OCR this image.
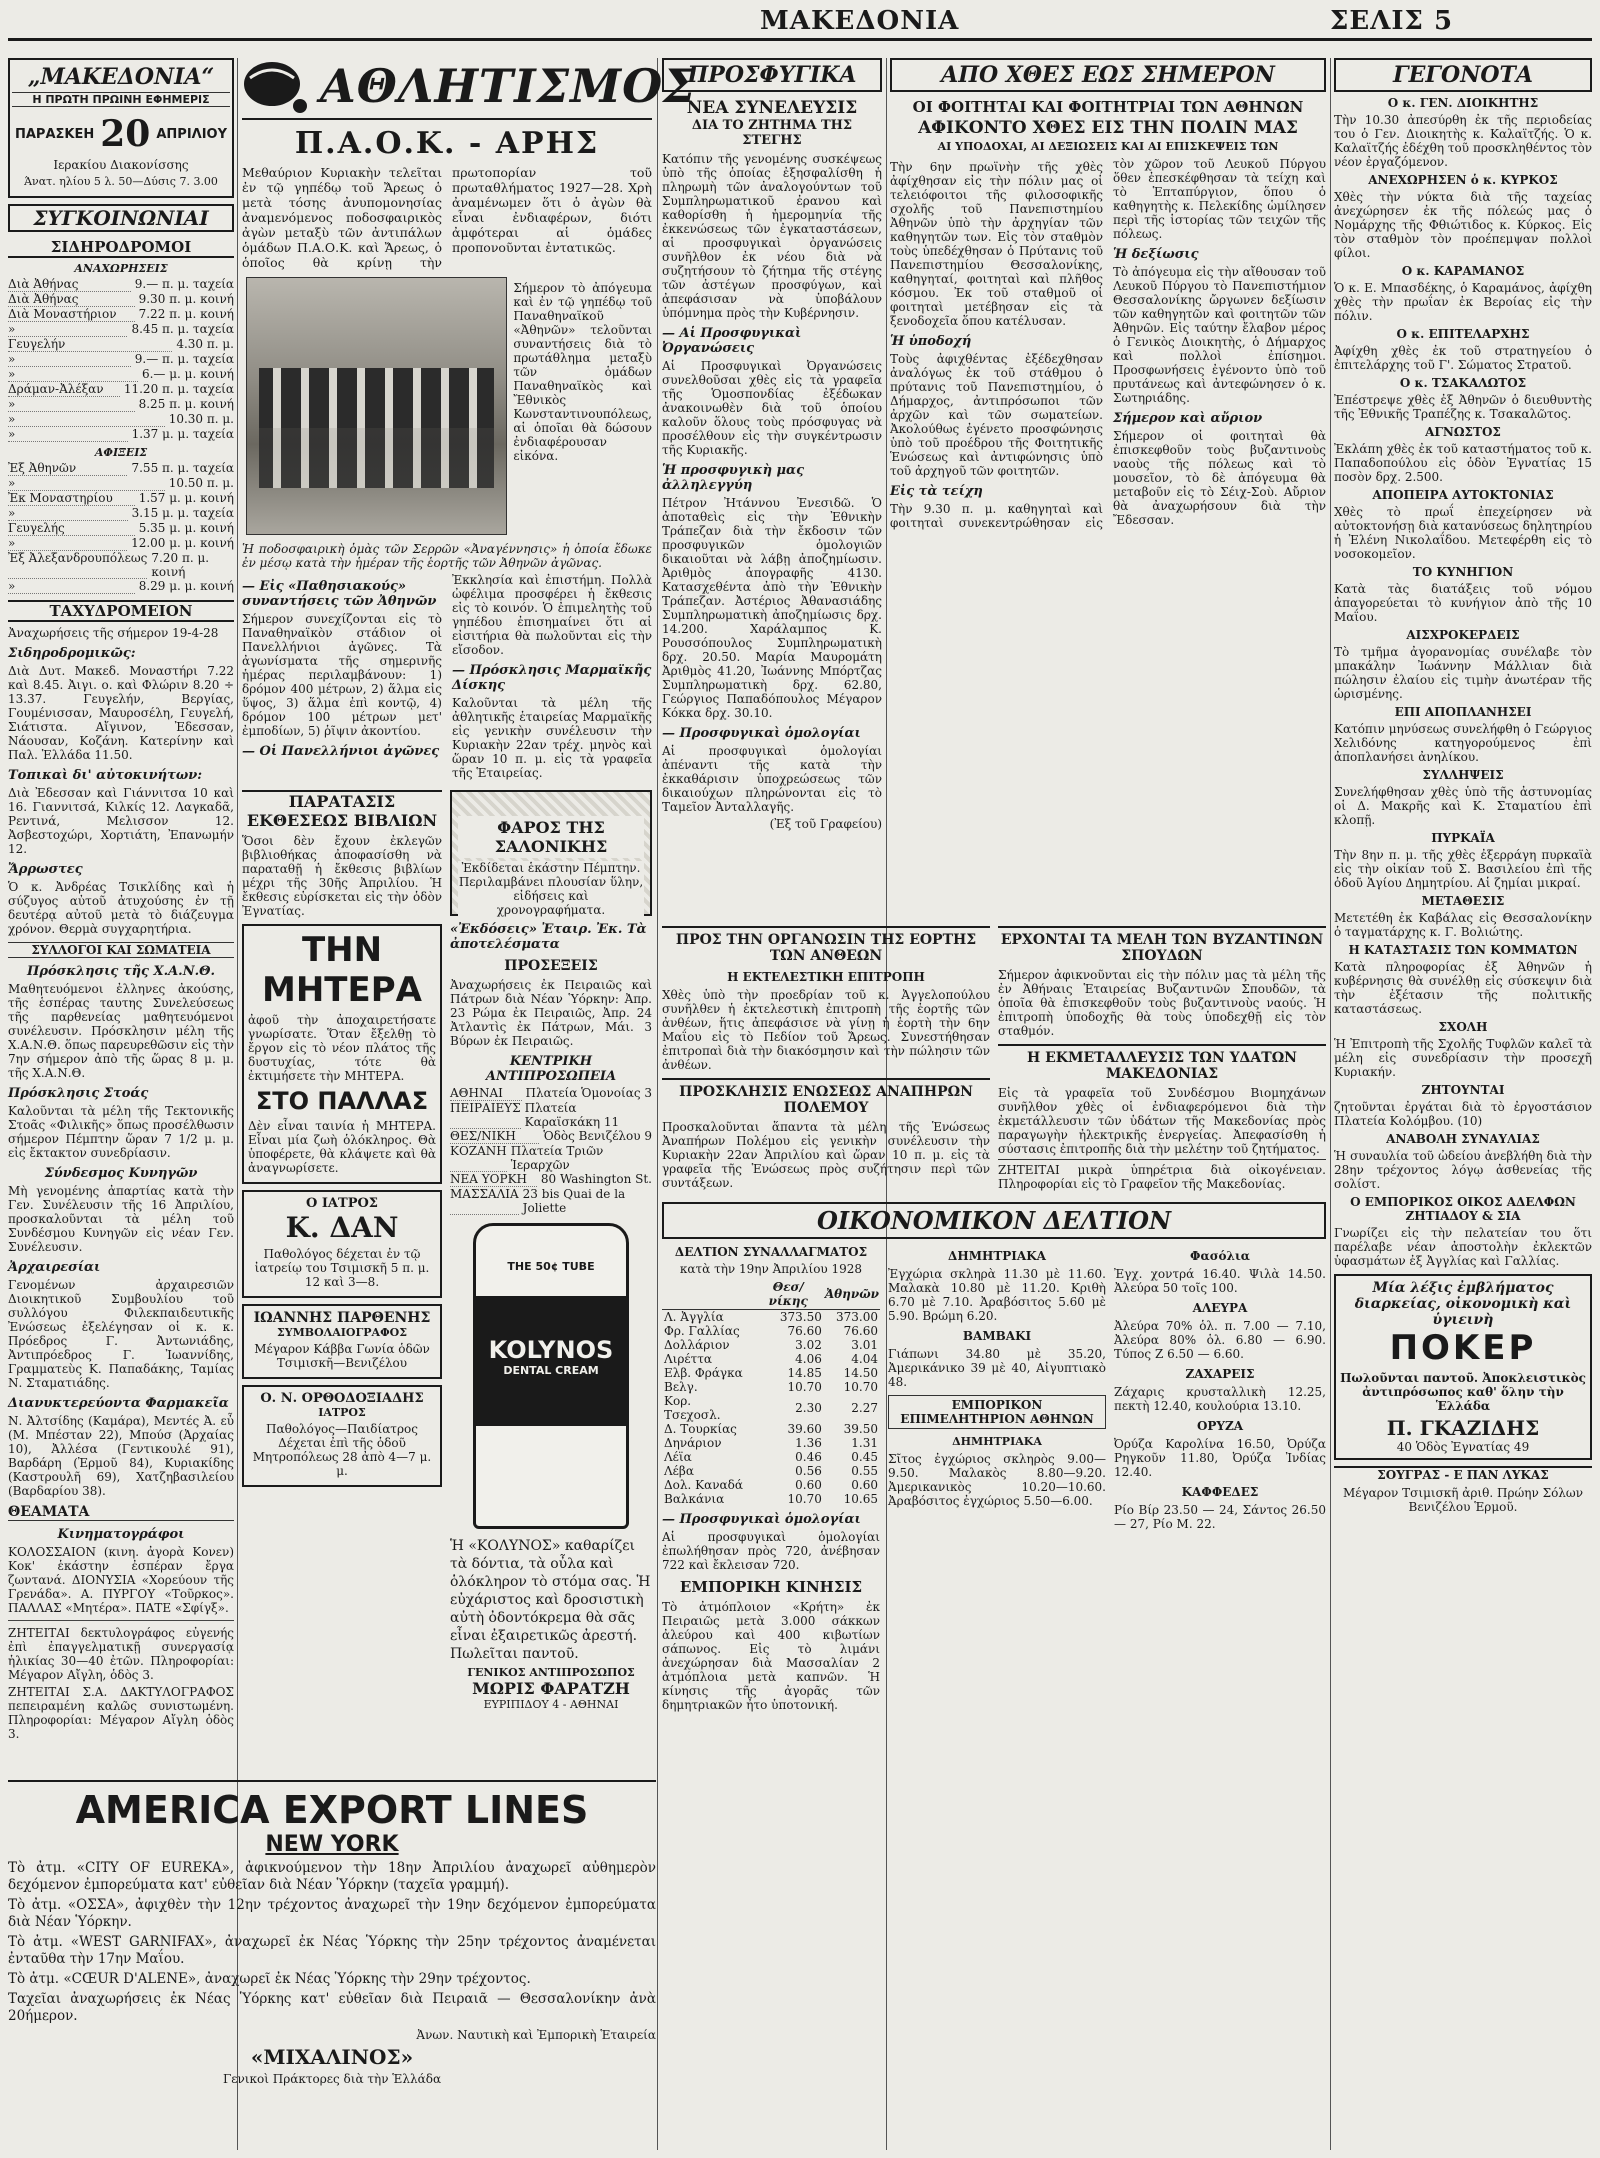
ΜΑΚΕΔΟΝΙΑ	ΣΕΛΙΣ 5
„ΜΑΚΕΔΟΝΙΑ“
Η ΠΡΩΤΗ ΠΡΩΙΝΗ ΕΦΗΜΕΡΙΣ
ΠΑΡΑΣΚΕΗ 20 ΑΠΡΙΛΙΟΥ
Ιερακίου Διακονίσσης
Άνατ. ηλίου 5 λ. 50—Δύσις 7. 3.00
ΣΥΓΚΟΙΝΩΝΙΑΙ
ΣΙΔΗΡΟΔΡΟΜΟΙ
ΑΝΑΧΩΡΗΣΕΙΣ
Διὰ Ἀθήνας	9.— π. μ. ταχεία
Διὰ Ἀθήνας	9.30 π. μ. κοινή
Διὰ Μοναστήριον	7.22 π. μ. κοινή
»	8.45 π. μ. ταχεία
Γευγελήν	4.30 π. μ.
»	9.— π. μ. ταχεία
»	6.— μ. μ. κοινή
Δράμαν-Ἀλέξαν	11.20 π. μ. ταχεία
»	8.25 π. μ. κοινή
»	10.30 π. μ.
»	1.37 μ. μ. ταχεία
ΑΦΙΞΕΙΣ
Ἐξ Ἀθηνῶν	7.55 π. μ. ταχεία
»	10.50 π. μ.
Ἐκ Μοναστηρίου	1.57 μ. μ. κοινή
»	3.15 μ. μ. ταχεία
Γευγελής	5.35 μ. μ. κοινή
»	12.00 μ. μ. κοινή
Ἐξ Ἀλεξανδρουπόλεως 7.20 π. μ. κοινή
»	8.29 μ. μ. κοινή
ΤΑΧΥΔΡΟΜΕΙΟΝ
Ἀναχωρήσεις τῆς σήμερον 19-4-28
Σιδηροδρομικῶς:
Διὰ Δυτ. Μακεδ. Μοναστήρι 7.22 καὶ 8.45. Ἀιγι. ο. καὶ Φλώριν 8.20 ÷ 13.37. Γευγελήν, Βεργίας, Γουμένισσαν, Μαυροσέλη, Γευγελή, Σιάτιστα. Αἴγινον, Ἐδεσσαν, Νάουσαν, Κοζάνη. Κατερίνην καὶ Παλ. Ἑλλάδα 11.50.
Τοπικαὶ δι' αὐτοκινήτων:
Διὰ Ἐδεσσαν καὶ Γιάννιτσα 10 καὶ 16. Γιαννιτσά, Κιλκίς 12. Λαγκαδᾶ, Ρεντινά, Μελισσον 12. Ἀσβεστοχώρι, Χορτιάτη, Ἐπανωμήν 12.
Ἄρρωστες
Ὁ κ. Ἀνδρέας Τσικλίδης καὶ ἡ σύζυγος αὐτοῦ ἀτυχούσης ἐν τῇ δευτέρᾳ αὐτοῦ μετὰ τὸ διάζευγμα χρόνον. Θερμὰ συγχαρητήρια.
ΣΥΛΛΟΓΟΙ ΚΑΙ ΣΩΜΑΤΕΙΑ
Πρόσκλησις τῆς Χ.Α.Ν.Θ.
Μαθητευόμενοι ἐλληνες ἀκούσης, τῆς ἑσπέρας ταυτης Συνελεύσεως τῆς παρθενείας μαθητευόμενοι συνέλευσιν. Πρόσκλησιν μέλη τῆς Χ.Α.Ν.Θ. ὅπως παρευρεθῶσιν εἰς τὴν 7ην σήμερον ἀπὸ τῆς ὥρας 8 μ. μ. τῆς Χ.Α.Ν.Θ.
Πρόσκλησις Στοάς
Καλοῦνται τὰ μέλη τῆς Τεκτονικῆς Στοᾶς «Φιλικῆς» ὅπως προσέλθωσιν σήμερον Πέμπτην ὥραν 7 1/2 μ. μ. εἰς ἔκτακτον συνεδρίασιν.
Σύνδεσμος Κυνηγῶν
Μὴ γενομένης ἀπαρτίας κατὰ τὴν Γεν. Συνέλευσιν τῆς 16 Ἀπριλίου, προσκαλοῦνται τὰ μέλη τοῦ Συνδέσμου Κυνηγῶν εἰς νέαν Γεν. Συνέλευσιν.
Ἀρχαιρεσίαι
Γενομένων ἀρχαιρεσιῶν Διοικητικοῦ Συμβουλίου τοῦ συλλόγου Φιλεκπαιδευτικῆς Ἐνώσεως ἐξελέγησαν οἱ κ. κ. Πρόεδρος Γ. Ἀντωνιάδης, Ἀντιπρόεδρος Γ. Ἰωαννίδης, Γραμματεὺς Κ. Παπαδάκης, Ταμίας Ν. Σταματιάδης.
Διανυκτερεύοντα Φαρμακεῖα
Ν. Ἀλτσίδης (Καμάρα), Μεντές Ἀ. εὖ (Μ. Μπέσταν 22), Μπούσ (Ἀρχαίας 10), Ἀλλέσα (Γεντικουλέ 91), Βαρδάρη (Ἐρμοῦ 84), Κυριακίδης (Καστρουλῆ 69), Χατζηβασιλείου (Βαρδαρίου 38).
ΘΕΑΜΑΤΑ
Κινηματογράφοι
ΚΟΛΟΣΣΑΙΟΝ (κινη. ἀγορὰ Κονεν) Κοκ' ἑκάστην ἐσπέραν ἔργα ζωντανά. ΔΙΟΝΥΣΙΑ «Χορεύουν τῆς Γρενάδα». Α. ΠΥΡΓΟΥ «Τοῦρκος». ΠΑΛΛΑΣ «Μητέρα». ΠΑΤΕ «Σφίγξ».
ΖΗΤΕΙΤΑΙ δεκτυλογράφος εὐγενής ἐπὶ ἐπαγγελματικῇ συνεργασίᾳ ἡλικίας 30—40 ἐτῶν. Πληροφορίαι: Μέγαρον Αἴγλη, ὁδὸς 3.
ΖΗΤΕΙΤΑΙ Σ.Α. ΔΑΚΤΥΛΟΓΡΑΦΟΣ πεπειραμένη καλῶς συνιστωμένη. Πληροφορίαι: Μέγαρον Αἴγλη ὁδὸς 3.
ΑΘΛΗΤΙΣΜΟΣ
Π.Α.Ο.Κ. - ΑΡΗΣ
Μεθαύριον Κυριακὴν τελεῖται ἐν τῷ γηπέδῳ τοῦ Ἄρεως ὁ μετὰ τόσης ἀνυπομονησίας ἀναμενόμενος ποδοσφαιρικὸς ἀγὼν μεταξὺ τῶν ἀντιπάλων ὁμάδων Π.Α.Ο.Κ. καὶ Ἄρεως, ὁ ὁποῖος θὰ κρίνῃ τὴν πρωτοπορίαν τοῦ πρωταθλήματος 1927—28. Χρὴ ἀναμένωμεν ὅτι ὁ ἀγὼν θὰ εἶναι ἐνδιαφέρων, διότι ἀμφότεραι αἱ ὁμάδες προπονοῦνται ἐντατικῶς.
Σήμερον τὸ ἀπόγευμα καὶ ἐν τῷ γηπέδῳ τοῦ Παναθηναϊκοῦ «Ἀθηνῶν» τελοῦνται συναντήσεις διὰ τὸ πρωτάθλημα μεταξὺ τῶν ὁμάδων Παναθηναϊκὸς καὶ Ἔθνικὸς Κωνσταντινουπόλεως, αἱ ὁποῖαι θὰ δώσουν ἐνδιαφέρουσαν εἰκόνα.
Ἡ ποδοσφαιρικὴ ὁμὰς τῶν Σερρῶν «Ἀναγέννησις» ἡ ὁποία ἔδωκε ἐν μέσῳ κατὰ τὴν ἡμέραν τῆς ἑορτῆς τῶν Ἀθηνῶν ἀγῶνας.
— Εἰς «Παθησιακούς» συναντήσεις τῶν Ἀθηνῶν
Σήμερον συνεχίζονται εἰς τὸ Παναθηναϊκὸν στάδιον οἱ Πανελλήνιοι ἀγῶνες. Τὰ ἀγωνίσματα τῆς σημερινῆς ἡμέρας περιλαμβάνουν: 1) δρόμον 400 μέτρων, 2) ἅλμα εἰς ὕψος, 3) ἅλμα ἐπὶ κοντῷ, 4) δρόμον 100 μέτρων μετ' ἐμποδίων, 5) ῥῖψιν ἀκοντίου.
— Οἱ Πανελλήνιοι ἀγῶνες
Ἐκκλησία καὶ ἐπιστήμη. Πολλὰ ὠφέλιμα προσφέρει ἡ ἔκθεσις εἰς τὸ κοινόν. Ὁ ἐπιμελητὴς τοῦ γηπέδου ἐπισημαίνει ὅτι αἱ εἰσιτήρια θὰ πωλοῦνται εἰς τὴν εἴσοδον.
— Πρόσκλησις Μαρμαϊκῆς Δίσκης
Καλοῦνται τὰ μέλη τῆς ἀθλητικῆς ἑταιρείας Μαρμαϊκῆς εἰς γενικὴν συνέλευσιν τὴν Κυριακὴν 22αν τρέχ. μηνὸς καὶ ὥραν 10 π. μ. εἰς τὰ γραφεῖα τῆς Ἑταιρείας.
ΠΑΡΑΤΑΣΙΣ ΕΚΘΕΣΕΩΣ ΒΙΒΛΙΩΝ
Ὅσοι δὲν ἔχουν ἐκλεγῶν βιβλιοθήκας ἀποφασίσθη νὰ παραταθῇ ἡ ἔκθεσις βιβλίων μέχρι τῆς 30ῆς Ἀπριλίου. Ἡ ἔκθεσις εὑρίσκεται εἰς τὴν ὁδὸν Ἐγνατίας.
ΤΗΝ ΜΗΤΕΡΑ
ἀφοῦ τὴν ἀποχαιρετήσατε γνωρίσατε. Ὅταν ἔξελθῃ τὸ ἔργον εἰς τὸ νέον πλάτος τῆς δυστυχίας, τότε θὰ ἐκτιμήσετε τὴν ΜΗΤΕΡΑ.
ΣΤΟ ΠΑΛΛΑΣ
Δὲν εἶναι ταινία ἡ ΜΗΤΕΡΑ. Εἶναι μία ζωὴ ὁλόκληρος. Θὰ ὑποφέρετε, θὰ κλάψετε καὶ θὰ ἀναγνωρίσετε.
Ο ΙΑΤΡΟΣ
Κ. ΔΑΝ
Παθολόγος δέχεται ἐν τῷ ἰατρείῳ του Τσιμισκῆ 5 π. μ. 12 καὶ 3—8.
ΙΩΑΝΝΗΣ ΠΑΡΘΕΝΗΣ
ΣΥΜΒΟΛΑΙΟΓΡΑΦΟΣ
Μέγαρον Κάββα Γωνία ὁδῶν Τσιμισκῆ—Βενιζέλου
Ο. Ν. ΟΡΘΟΔΟΞΙΑΔΗΣ
ΙΑΤΡΟΣ
Παθολόγος—Παιδίατρος Δέχεται ἐπὶ τῆς ὁδοῦ Μητροπόλεως 28 ἀπὸ 4—7 μ. μ.
ΦΑΡΟΣ ΤΗΣ ΣΑΛΟΝΙΚΗΣ
Ἐκδίδεται ἑκάστην Πέμπτην. Περιλαμβάνει πλουσίαν ὕλην, εἰδήσεις καὶ χρονογραφήματα.
«Ἐκδόσεις» Ἐταιρ. Ἐκ. Τὰ ἀποτελέσματα
ΠΡΟΣΕΞΕΙΣ
Ἀναχωρήσεις ἐκ Πειραιῶς καὶ Πάτρων διὰ Νέαν Ὑόρκην: Ἀπρ. 23 Ρώμα ἐκ Πειραιῶς, Ἀπρ. 24 Ἀτλαντὶς ἐκ Πάτρων, Μάι. 3 Βύρων ἐκ Πειραιῶς.
ΚΕΝΤΡΙΚΗ ΑΝΤΙΠΡΟΣΩΠΕΙΑ
ΑΘΗΝΑΙ	Πλατεία Ὁμονοίας 3
ΠΕΙΡΑΙΕΥΣ Πλατεία Καραϊσκάκη 11
ΘΕΣ/ΝΙΚΗ	Ὁδὸς Βενιζέλου 9
ΚΟΖΑΝΗ Πλατεία Τριῶν Ἱεραρχῶν
ΝΕΑ ΥΟΡΚΗ	80 Washington St.
ΜΑΣΣΑΛΙΑ 23 bis Quai de la Joliette
THE 50¢ TUBE
KOLYNOS
DENTAL CREAM
Ἡ «ΚΟΛΥΝΟΣ» καθαρίζει τὰ δόντια, τὰ οὖλα καὶ ὁλόκληρον τὸ στόμα σας. Ἡ εὐχάριστος καὶ δροσιστικὴ αὐτὴ ὀδοντόκρεμα θὰ σᾶς εἶναι ἐξαιρετικῶς ἀρεστή. Πωλεῖται παντοῦ.
ΓΕΝΙΚΟΣ ΑΝΤΙΠΡΟΣΩΠΟΣ
ΜΩΡΙΣ ΦΑΡΑΤΖΗ
ΕΥΡΙΠΙΔΟΥ 4 - ΑΘΗΝΑΙ
ΠΡΟΣΦΥΓΙΚΑ
ΝΕΑ ΣΥΝΕΛΕΥΣΙΣ
ΔΙΑ ΤΟ ΖΗΤΗΜΑ ΤΗΣ ΣΤΕΓΗΣ
Κατόπιν τῆς γενομένης συσκέψεως ὑπὸ τῆς ὁποίας ἐξησφαλίσθη ἡ πληρωμὴ τῶν ἀναλογούντων τοῦ Συμπληρωματικοῦ ἐρανου καὶ καθορίσθη ἡ ἡμερομηνία τῆς ἐκκενώσεως τῶν ἐγκαταστάσεων, αἱ προσφυγικαὶ ὀργανώσεις συνῆλθον ἐκ νέου διὰ νὰ συζητήσουν τὸ ζήτημα τῆς στέγης τῶν ἀστέγων προσφύγων, καὶ ἀπεφάσισαν νὰ ὑποβάλουν ὑπόμνημα πρὸς τὴν Κυβέρνησιν.
— Αἱ Προσφυγικαὶ Ὀργανώσεις
Αἱ Προσφυγικαὶ Ὀργανώσεις συνελθοῦσαι χθὲς εἰς τὰ γραφεῖα τῆς Ὁμοσπονδίας ἐξέδωκαν ἀνακοινωθὲν διὰ τοῦ ὁποίου καλοῦν ὅλους τοὺς πρόσφυγας νὰ προσέλθουν εἰς τὴν συγκέντρωσιν τῆς Κυριακῆς.
Ἡ προσφυγικὴ μας ἀλληλεγγύη
Πέτρον Ἠτάννου Ἐνεσιδῶ. Ὁ ἀποταθεὶς εἰς τὴν Ἐθνικὴν Τράπεζαν διὰ τὴν ἔκδοσιν τῶν προσφυγικῶν ὁμολογιῶν δικαιοῦται νὰ λάβῃ ἀποζημίωσιν. Ἀριθμὸς ἀπογραφῆς 4130. Κατασχεθέντα ἀπὸ τὴν Ἐθνικὴν Τράπεζαν. Ἀστέριος Ἀθανασιάδης Συμπληρωματικὴ ἀποζημίωσις δρχ. 14.200. Χαράλαμπος Κ. Ρουσσόπουλος Συμπληρωματικὴ δρχ. 20.50. Μαρία Μαυρομάτη Ἀριθμὸς 41.20, Ἰωάννης Μπόρτζας Συμπληρωματικὴ δρχ. 62.80, Γεώργιος Παπαδόπουλος Μέγαρον Κόκκα δρχ. 30.10.
— Προσφυγικαὶ ὁμολογίαι
Αἱ προσφυγικαὶ ὁμολογίαι ἀπέναντι τῆς κατὰ τὴν ἐκκαθάρισιν ὑποχρεώσεως τῶν δικαιούχων πληρώνονται εἰς τὸ Ταμεῖον Ἀνταλλαγῆς.
(Ἐξ τοῦ Γραφείου)
ΑΠΟ ΧΘΕΣ ΕΩΣ ΣΗΜΕΡΟΝ
ΟΙ ΦΟΙΤΗΤΑΙ ΚΑΙ ΦΟΙΤΗΤΡΙΑΙ ΤΩΝ ΑΘΗΝΩΝ
ΑΦΙΚΟΝΤΟ ΧΘΕΣ ΕΙΣ ΤΗΝ ΠΟΛΙΝ ΜΑΣ
ΑΙ ΥΠΟΔΟΧΑΙ, ΑΙ ΔΕΞΙΩΣΕΙΣ ΚΑΙ ΑΙ ΕΠΙΣΚΕΨΕΙΣ ΤΩΝ
Τὴν 6ην πρωϊνὴν τῆς χθὲς ἀφίχθησαν εἰς τὴν πόλιν μας οἱ τελειόφοιτοι τῆς φιλοσοφικῆς σχολῆς τοῦ Πανεπιστημίου Ἀθηνῶν ὑπὸ τὴν ἀρχηγίαν τῶν καθηγητῶν των. Εἰς τὸν σταθμὸν τοὺς ὑπεδέχθησαν ὁ Πρύτανις τοῦ Πανεπιστημίου Θεσσαλονίκης, καθηγηταί, φοιτηταὶ καὶ πλῆθος κόσμου. Ἐκ τοῦ σταθμοῦ οἱ φοιτηταὶ μετέβησαν εἰς τὰ ξενοδοχεῖα ὅπου κατέλυσαν.
Ἡ ὑποδοχή
Τοὺς ἀφιχθέντας ἐξέδεχθησαν ἀναλόγως ἐκ τοῦ στάθμου ὁ πρύτανις τοῦ Πανεπιστημίου, ὁ Δήμαρχος, ἀντιπρόσωποι τῶν ἀρχῶν καὶ τῶν σωματείων. Ἀκολούθως ἐγένετο προσφώνησις ὑπὸ τοῦ προέδρου τῆς Φοιτητικῆς Ἑνώσεως καὶ ἀντιφώνησις ὑπὸ τοῦ ἀρχηγοῦ τῶν φοιτητῶν.
Εἰς τὰ τείχη
Τὴν 9.30 π. μ. καθηγηταὶ καὶ φοιτηταὶ συνεκεντρώθησαν εἰς τὸν χῶρον τοῦ Λευκοῦ Πύργου ὅθεν ἐπεσκέφθησαν τὰ τείχη καὶ τὸ Ἑπταπύργιον, ὅπου ὁ καθηγητὴς κ. Πελεκίδης ὡμίλησεν περὶ τῆς ἱστορίας τῶν τειχῶν τῆς πόλεως.
Ἡ δεξίωσις
Τὸ ἀπόγευμα εἰς τὴν αἴθουσαν τοῦ Λευκοῦ Πύργου τὸ Πανεπιστήμιον Θεσσαλονίκης ὤργωνεν δεξίωσιν τῶν καθηγητῶν καὶ φοιτητῶν τῶν Ἀθηνῶν. Εἰς ταύτην ἔλαβον μέρος ὁ Γενικὸς Διοικητὴς, ὁ Δήμαρχος καὶ πολλοὶ ἐπίσημοι. Προσφωνήσεις ἐγένοντο ὑπὸ τοῦ πρυτάνεως καὶ ἀντεφώνησεν ὁ κ. Σωτηριάδης.
Σήμερον καὶ αὔριον
Σήμερον οἱ φοιτηταὶ θὰ ἐπισκεφθοῦν τοὺς βυζαντινοὺς ναοὺς τῆς πόλεως καὶ τὸ μουσεῖον, τὸ δὲ ἀπόγευμα θὰ μεταβοῦν εἰς τὸ Σέιχ-Σοὺ. Αὔριον θὰ ἀναχωρήσουν διὰ τὴν Ἔδεσσαν.
ΠΡΟΣ ΤΗΝ ΟΡΓΑΝΩΣΙΝ ΤΗΣ ΕΟΡΤΗΣ ΤΩΝ ΑΝΘΕΩΝ
Η ΕΚΤΕΛΕΣΤΙΚΗ ΕΠΙΤΡΟΠΗ
Χθὲς ὑπὸ τὴν προεδρίαν τοῦ κ. Ἀγγελοπούλου συνῆλθεν ἡ ἐκτελεστικὴ ἐπιτροπὴ τῆς ἑορτῆς τῶν ἀνθέων, ἥτις ἀπεφάσισε νὰ γίνῃ ἡ ἑορτὴ τὴν 6ην Μαΐου εἰς τὸ Πεδίον τοῦ Ἄρεως. Συνεστήθησαν ἐπιτροπαὶ διὰ τὴν διακόσμησιν καὶ τὴν πώλησιν τῶν ἀνθέων.
ΠΡΟΣΚΛΗΣΙΣ ΕΝΩΣΕΩΣ ΑΝΑΠΗΡΩΝ ΠΟΛΕΜΟΥ
Προσκαλοῦνται ἅπαντα τὰ μέλη τῆς Ἑνώσεως Ἀναπήρων Πολέμου εἰς γενικὴν συνέλευσιν τὴν Κυριακὴν 22αν Ἀπριλίου καὶ ὥραν 10 π. μ. εἰς τὰ γραφεῖα τῆς Ἑνώσεως πρὸς συζήτησιν περὶ τῶν συντάξεων.
ΕΡΧΟΝΤΑΙ ΤΑ ΜΕΛΗ ΤΩΝ ΒΥΖΑΝΤΙΝΩΝ ΣΠΟΥΔΩΝ
Σήμερον ἀφικνοῦνται εἰς τὴν πόλιν μας τὰ μέλη τῆς ἐν Ἀθήναις Ἑταιρείας Βυζαντινῶν Σπουδῶν, τὰ ὁποῖα θὰ ἐπισκεφθοῦν τοὺς βυζαντινοὺς ναούς. Ἡ ἐπιτροπὴ ὑποδοχῆς θὰ τοὺς ὑποδεχθῇ εἰς τὸν σταθμόν.
Η ΕΚΜΕΤΑΛΛΕΥΣΙΣ ΤΩΝ ΥΔΑΤΩΝ ΜΑΚΕΔΟΝΙΑΣ
Εἰς τὰ γραφεῖα τοῦ Συνδέσμου Βιομηχάνων συνῆλθον χθὲς οἱ ἐνδιαφερόμενοι διὰ τὴν ἐκμετάλλευσιν τῶν ὑδάτων τῆς Μακεδονίας πρὸς παραγωγὴν ἠλεκτρικῆς ἐνεργείας. Ἀπεφασίσθη ἡ σύστασις ἐπιτροπῆς διὰ τὴν μελέτην τοῦ ζητήματος.
ΖΗΤΕΙΤΑΙ μικρὰ ὑπηρέτρια διὰ οἰκογένειαν. Πληροφορίαι εἰς τὸ Γραφεῖον τῆς Μακεδονίας.
ΟΙΚΟΝΟΜΙΚΟΝ ΔΕΛΤΙΟΝ
ΔΕΛΤΙΟΝ ΣΥΝΑΛΛΑΓΜΑΤΟΣ
κατὰ τὴν 19ην Ἀπριλίου 1928
	Θεσ/νίκης	Ἀθηνῶν
Λ. Ἀγγλία	373.50	373.00
Φρ. Γαλλίας	76.60	76.60
Δολλάριον	3.02	3.01
Λιρέττα	4.06	4.04
Ελβ. Φράγκα	14.85	14.50
Βελγ.	10.70	10.70
Κορ. Τσεχοσλ.	2.30	2.27
Δ. Τουρκίας	39.60	39.50
Δηνάριον	1.36	1.31
Λέϊα	0.46	0.45
Λέβα	0.56	0.55
Δολ. Καναδά	0.60	0.60
Βαλκάνια	10.70	10.65
— Προσφυγικαὶ ὁμολογίαι
Αἱ προσφυγικαὶ ὁμολογίαι ἐπωλήθησαν πρὸς 720, ἀνέβησαν 722 καὶ ἔκλεισαν 720.
ΕΜΠΟΡΙΚΗ ΚΙΝΗΣΙΣ
Τὸ ἀτμόπλοιον «Κρήτη» ἐκ Πειραιῶς μετὰ 3.000 σάκκων ἀλεύρου καὶ 400 κιβωτίων σάπωνος. Εἰς τὸ λιμάνι ἀνεχώρησαν διὰ Μασσαλίαν 2 ἀτμόπλοια μετὰ καπνῶν. Ἡ κίνησις τῆς ἀγορᾶς τῶν δημητριακῶν ἦτο ὑποτονική.
ΔΗΜΗΤΡΙΑΚΑ
Ἐγχώρια σκληρὰ 11.30 μὲ 11.60. Μαλακὰ 10.80 μὲ 11.20. Κριθὴ 6.70 μὲ 7.10. Ἀραβόσιτος 5.60 μὲ 5.90. Βρώμη 6.20.
ΒΑΜΒΑΚΙ
Γιάπωνι 34.80 μὲ 35.20, Ἀμερικάνικο 39 μὲ 40, Αἰγυπτιακὸ 48.
ΕΜΠΟΡΙΚΟΝ ΕΠΙΜΕΛΗΤΗΡΙΟΝ ΑΘΗΝΩΝ
ΔΗΜΗΤΡΙΑΚΑ
Σῖτος ἐγχώριος σκληρὸς 9.00—9.50. Μαλακὸς 8.80—9.20. Ἀμερικανικὸς 10.20—10.60. Ἀραβόσιτος ἐγχώριος 5.50—6.00.
Φασόλια
Ἐγχ. χοντρά 16.40. Ψιλὰ 14.50. Ἀλεύρα 50 τοῖς 100.
ΑΛΕΥΡΑ
Ἀλεύρα 70% ὁλ. π. 7.00 — 7.10, Ἀλεύρα 80% ὁλ. 6.80 — 6.90. Τύπος Ζ 6.50 — 6.60.
ΖΑΧΑΡΕΙΣ
Ζάχαρις κρυσταλλικὴ 12.25, πεκτὴ 12.40, κουλούρια 13.10.
ΟΡΥΖΑ
Ὀρύζα Καρολίνα 16.50, Ὀρύζα Ρηγκοῦν 11.80, Ὀρύζα Ἰνδίας 12.40.
ΚΑΦΦΕΔΕΣ
Ρίο Βίρ 23.50 — 24, Σάντος 26.50 — 27, Ρίο Μ. 22.
ΓΕΓΟΝΟΤΑ
Ο κ. ΓΕΝ. ΔΙΟΙΚΗΤΗΣ
Τὴν 10.30 ἀπεσύρθη ἐκ τῆς περιοδείας του ὁ Γεν. Διοικητὴς κ. Καλαϊτζής. Ὁ κ. Καλαϊτζής ἐδέχθη τοῦ προσκληθέντος τὸν νέον ἐργαζόμενον.
ΑΝΕΧΩΡΗΣΕΝ ὁ κ. ΚΥΡΚΟΣ
Χθὲς τὴν νύκτα διὰ τῆς ταχείας ἀνεχώρησεν ἐκ τῆς πόλεώς μας ὁ Νομάρχης τῆς Φθιώτιδος κ. Κύρκος. Εἰς τὸν σταθμὸν τὸν προέπεμψαν πολλοὶ φίλοι.
Ο κ. ΚΑΡΑΜΑΝΟΣ
Ὁ κ. Ε. Μπασδέκης, ὁ Καραμάνος, ἀφίχθη χθὲς τὴν πρωΐαν ἐκ Βεροίας εἰς τὴν πόλιν.
Ο κ. ΕΠΙΤΕΛΑΡΧΗΣ
Ἀφίχθη χθὲς ἐκ τοῦ στρατηγείου ὁ ἐπιτελάρχης τοῦ Γ'. Σώματος Στρατοῦ.
Ο κ. ΤΣΑΚΑΛΩΤΟΣ
Ἐπέστρεψε χθὲς ἐξ Ἀθηνῶν ὁ διευθυντὴς τῆς Ἐθνικῆς Τραπέζης κ. Τσακαλῶτος.
ΑΓΝΩΣΤΟΣ
Ἐκλάπη χθὲς ἐκ τοῦ καταστήματος τοῦ κ. Παπαδοπούλου εἰς ὁδὸν Ἐγνατίας 15 ποσὸν δρχ. 2.500.
ΑΠΟΠΕΙΡΑ ΑΥΤΟΚΤΟΝΙΑΣ
Χθὲς τὸ πρωΐ ἐπεχείρησεν νὰ αὐτοκτονήσῃ διὰ κατανύσεως δηλητηρίου ἡ Ἐλένη Νικολαΐδου. Μετεφέρθη εἰς τὸ νοσοκομεῖον.
ΤΟ ΚΥΝΗΓΙΟΝ
Κατὰ τὰς διατάξεις τοῦ νόμου ἀπαγορεύεται τὸ κυνήγιον ἀπὸ τῆς 10 Μαΐου.
ΑΙΣΧΡΟΚΕΡΔΕΙΣ
Τὸ τμῆμα ἀγορανομίας συνέλαβε τὸν μπακάλην Ἰωάννην Μάλλιαν διὰ πώλησιν ἐλαίου εἰς τιμὴν ἀνωτέραν τῆς ὡρισμένης.
ΕΠΙ ΑΠΟΠΛΑΝΗΣΕΙ
Κατόπιν μηνύσεως συνελήφθη ὁ Γεώργιος Χελιδόνης κατηγορούμενος ἐπὶ ἀποπλανήσει ἀνηλίκου.
ΣΥΛΛΗΨΕΙΣ
Συνελήφθησαν χθὲς ὑπὸ τῆς ἀστυνομίας οἱ Δ. Μακρῆς καὶ Κ. Σταματίου ἐπὶ κλοπῇ.
ΠΥΡΚΑΪΑ
Τὴν 8ην π. μ. τῆς χθὲς ἐξερράγη πυρκαϊὰ εἰς τὴν οἰκίαν τοῦ Σ. Βασιλείου ἐπὶ τῆς ὁδοῦ Ἁγίου Δημητρίου. Αἱ ζημίαι μικραί.
ΜΕΤΑΘΕΣΙΣ
Μετετέθη ἐκ Καβάλας εἰς Θεσσαλονίκην ὁ ταγματάρχης κ. Γ. Βολιώτης.
Η ΚΑΤΑΣΤΑΣΙΣ ΤΩΝ ΚΟΜΜΑΤΩΝ
Κατὰ πληροφορίας ἐξ Ἀθηνῶν ἡ κυβέρνησις θὰ συνέλθῃ εἰς σύσκεψιν διὰ τὴν ἐξέτασιν τῆς πολιτικῆς καταστάσεως.
ΣΧΟΛΗ
Ἡ Ἐπιτροπὴ τῆς Σχολῆς Τυφλῶν καλεῖ τὰ μέλη εἰς συνεδρίασιν τὴν προσεχῆ Κυριακήν.
ΖΗΤΟΥΝΤΑΙ
ζητοῦνται ἐργάται διὰ τὸ ἐργοστάσιον Πλατεία Κολόμβου. (10)
ΑΝΑΒΟΛΗ ΣΥΝΑΥΛΙΑΣ
Ἡ συναυλία τοῦ ὠδείου ἀνεβλήθη διὰ τὴν 28ην τρέχοντος λόγῳ ἀσθενείας τῆς σολίστ.
Ο ΕΜΠΟΡΙΚΟΣ ΟΙΚΟΣ ΑΔΕΛΦΩΝ ΖΗΤΙΑΔΟΥ & ΣΙΑ
Γνωρίζει εἰς τὴν πελατείαν του ὅτι παρέλαβε νέαν ἀποστολὴν ἐκλεκτῶν ὑφασμάτων ἐξ Ἀγγλίας καὶ Γαλλίας.
Μία λέξις ἐμβλήματος διαρκείας, οἰκονομικὴ καὶ ὑγιεινὴ
ΠΟΚΕΡ
Πωλοῦνται παντοῦ. Ἀποκλειστικὸς ἀντιπρόσωπος καθ' ὅλην τὴν Ἑλλάδα
Π. ΓΚΑΖΙΔΗΣ
40 Ὁδὸς Ἐγνατίας 49
ΣΟΥΓΡΑΣ - Ε ΠΑΝ ΛΥΚΑΣ
Μέγαρον Τσιμισκῆ ἀριθ. Πρώην Σόλων Βενιζέλου Ἑρμοῦ.
AMERICA EXPORT LINES
NEW YORK
Τὸ ἀτμ. «CITY OF EUREKA», ἀφικνούμενον τὴν 18ην Ἀπριλίου ἀναχωρεῖ αὐθημερὸν δεχόμενον ἐμπορεύματα κατ' εὐθεῖαν διὰ Νέαν Ὑόρκην (ταχεῖα γραμμή).
Τὸ ἀτμ. «ΟΣΣΑ», ἀφιχθὲν τὴν 12ην τρέχοντος ἀναχωρεῖ τὴν 19ην δεχόμενον ἐμπορεύματα διὰ Νέαν Ὑόρκην.
Τὸ ἀτμ. «WEST GARNIFAX», ἀναχωρεῖ ἐκ Νέας Ὑόρκης τὴν 25ην τρέχοντος ἀναμένεται ἐνταῦθα τὴν 17ην Μαΐου.
Τὸ ἀτμ. «CŒUR D'ALENE», ἀναχωρεῖ ἐκ Νέας Ὑόρκης τὴν 29ην τρέχοντος.
Ταχεῖαι ἀναχωρήσεις ἐκ Νέας Ὑόρκης κατ' εὐθεῖαν διὰ Πειραιᾶ — Θεσσαλονίκην ἀνὰ 20ήμερον.
Ἀνων. Ναυτικὴ καὶ Ἐμπορικὴ Ἑταιρεία
«ΜΙΧΑΛΙΝΟΣ»
Γενικοὶ Πράκτορες διὰ τὴν Ἑλλάδα
